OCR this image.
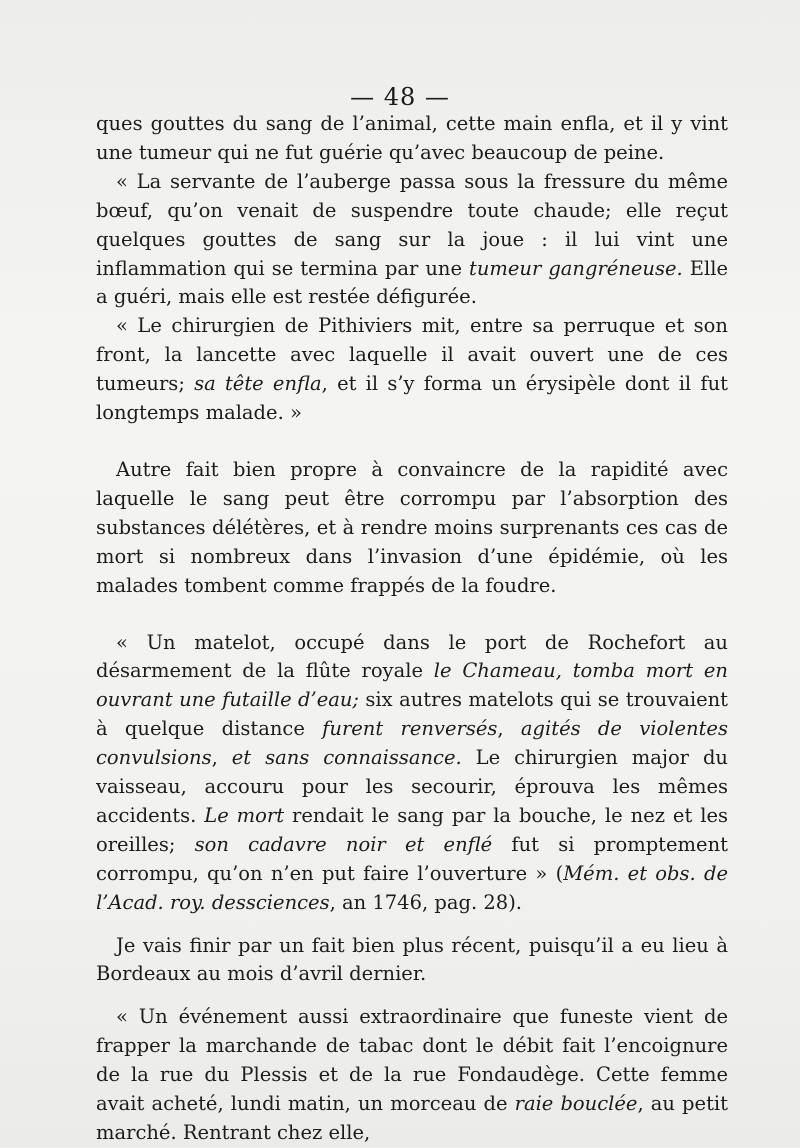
— 48 —

ques gouttes du sang de l’animal, cette main enfla, et il y vint une tumeur qui ne fut guérie qu’avec beaucoup de peine.

« La servante de l’auberge passa sous la fressure du même bœuf, qu’on venait de suspendre toute chaude; elle reçut quelques gouttes de sang sur la joue : il lui vint une inflammation qui se termina par une tumeur gangréneuse. Elle a guéri, mais elle est restée défigurée.

« Le chirurgien de Pithiviers mit, entre sa perruque et son front, la lancette avec laquelle il avait ouvert une de ces tumeurs; sa tête enfla, et il s’y forma un érysipèle dont il fut longtemps malade. »

Autre fait bien propre à convaincre de la rapidité avec laquelle le sang peut être corrompu par l’absorption des substances délétères, et à rendre moins surprenants ces cas de mort si nombreux dans l’invasion d’une épidémie, où les malades tombent comme frappés de la foudre.

« Un matelot, occupé dans le port de Rochefort au désarmement de la flûte royale le Chameau, tomba mort en ouvrant une futaille d’eau; six autres matelots qui se trouvaient à quelque distance furent renversés, agités de violentes convulsions, et sans connaissance. Le chirurgien major du vaisseau, accouru pour les secourir, éprouva les mêmes accidents. Le mort rendait le sang par la bouche, le nez et les oreilles; son cadavre noir et enflé fut si promptement corrompu, qu’on n’en put faire l’ouverture » (Mém. et obs. de l’Acad. roy. dessciences, an 1746, pag. 28).

Je vais finir par un fait bien plus récent, puisqu’il a eu lieu à Bordeaux au mois d’avril dernier.

« Un événement aussi extraordinaire que funeste vient de frapper la marchande de tabac dont le débit fait l’encoignure de la rue du Plessis et de la rue Fondaudège. Cette femme avait acheté, lundi matin, un morceau de raie bouclée, au petit marché. Rentrant chez elle,
